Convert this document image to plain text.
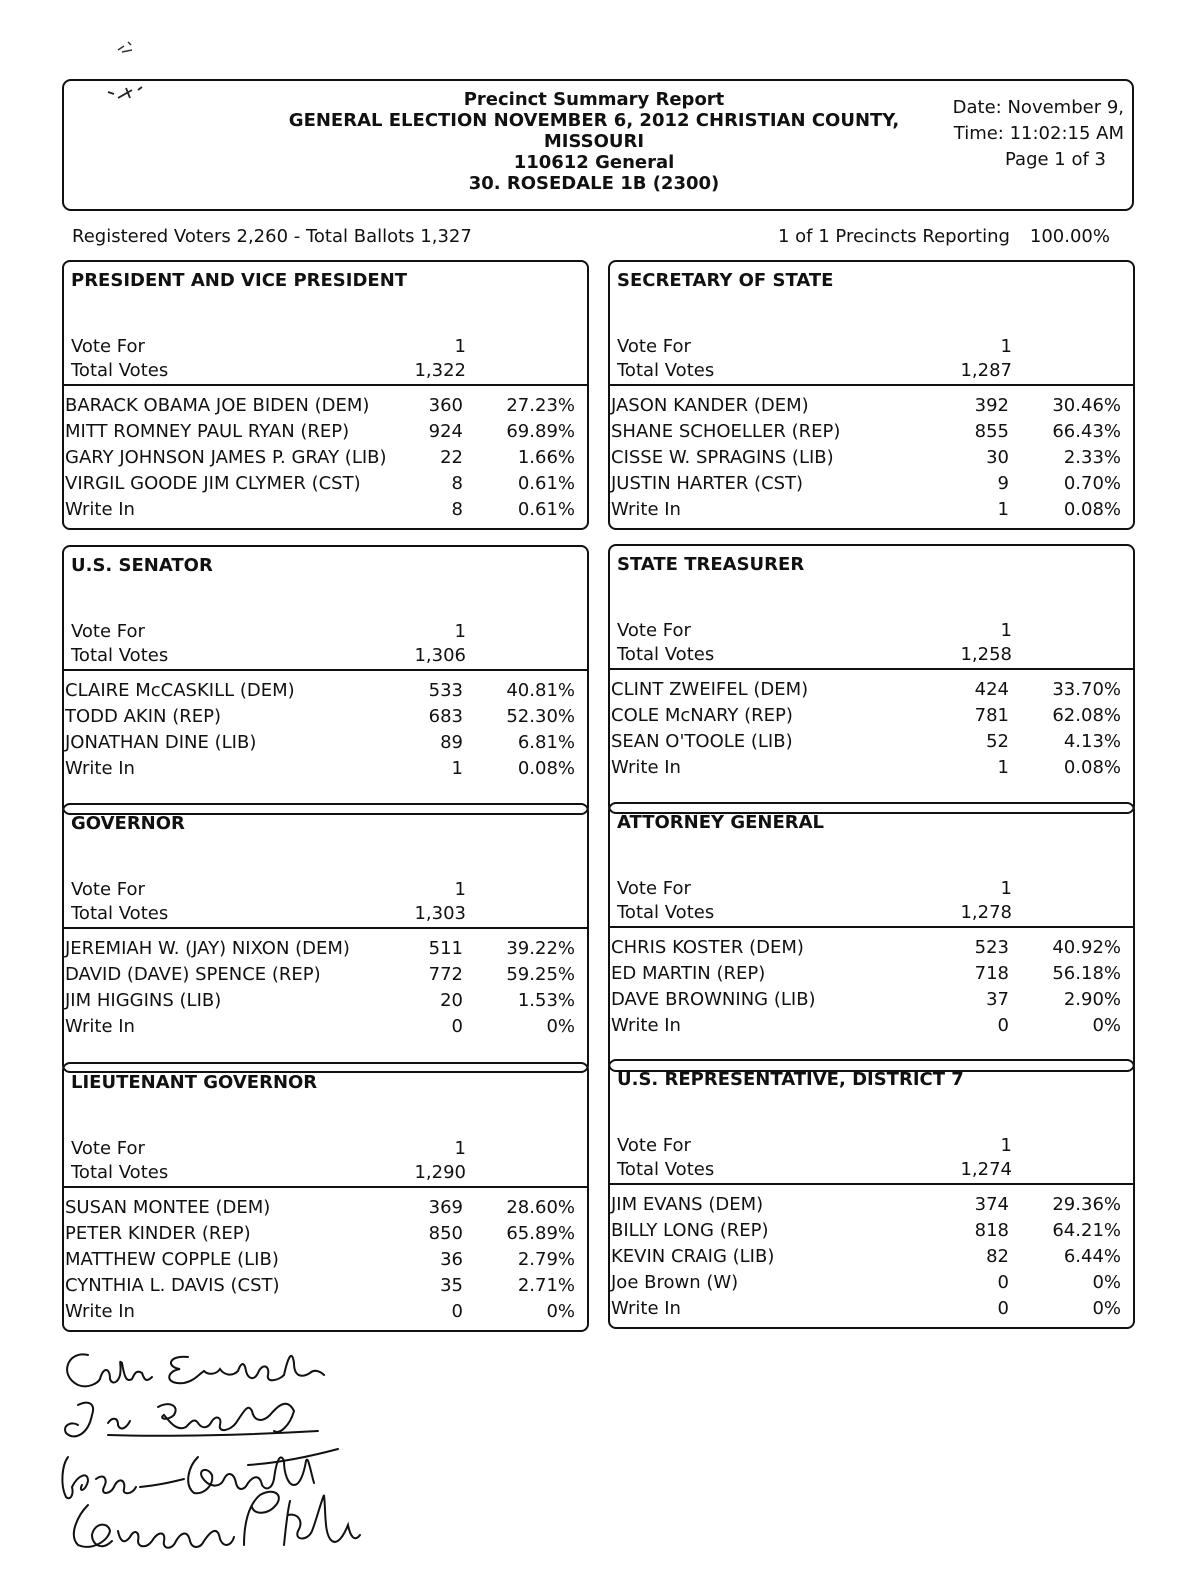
Precinct Summary Report
GENERAL ELECTION NOVEMBER 6, 2012 CHRISTIAN COUNTY,
MISSOURI
110612 General
30. ROSEDALE 1B (2300)
Date: November 9,
Time: 11:02:15 AM
Page 1 of 3
Registered Voters 2,260 - Total Ballots 1,327	1 of 1 Precincts Reporting 100.00%
PRESIDENT AND VICE PRESIDENT
Vote For	1
Total Votes	1,322
BARACK OBAMA JOE BIDEN (DEM)	360 27.23%
MITT ROMNEY PAUL RYAN (REP)	924 69.89%
GARY JOHNSON JAMES P. GRAY (LIB)	22	1.66%
VIRGIL GOODE JIM CLYMER (CST)	8	0.61%
Write In	8	0.61%
SECRETARY OF STATE
Vote For	1
Total Votes	1,287
JASON KANDER (DEM)	392 30.46%
SHANE SCHOELLER (REP)	855 66.43%
CISSE W. SPRAGINS (LIB)	30	2.33%
JUSTIN HARTER (CST)	9	0.70%
Write In	1	0.08%
U.S. SENATOR
Vote For	1
Total Votes	1,306
CLAIRE McCASKILL (DEM)	533 40.81%
TODD AKIN (REP)	683 52.30%
JONATHAN DINE (LIB)	89	6.81%
Write In	1	0.08%
STATE TREASURER
Vote For	1
Total Votes	1,258
CLINT ZWEIFEL (DEM)	424 33.70%
COLE McNARY (REP)	781 62.08%
SEAN O'TOOLE (LIB)	52	4.13%
Write In	1	0.08%
GOVERNOR
Vote For	1
Total Votes	1,303
JEREMIAH W. (JAY) NIXON (DEM)	511 39.22%
DAVID (DAVE) SPENCE (REP)	772 59.25%
JIM HIGGINS (LIB)	20	1.53%
Write In	0	0%
ATTORNEY GENERAL
Vote For	1
Total Votes	1,278
CHRIS KOSTER (DEM)	523 40.92%
ED MARTIN (REP)	718 56.18%
DAVE BROWNING (LIB)	37	2.90%
Write In	0	0%
LIEUTENANT GOVERNOR
Vote For	1
Total Votes	1,290
SUSAN MONTEE (DEM)	369 28.60%
PETER KINDER (REP)	850 65.89%
MATTHEW COPPLE (LIB)	36	2.79%
CYNTHIA L. DAVIS (CST)	35	2.71%
Write In	0	0%
U.S. REPRESENTATIVE, DISTRICT 7
Vote For	1
Total Votes	1,274
JIM EVANS (DEM)	374 29.36%
BILLY LONG (REP)	818 64.21%
KEVIN CRAIG (LIB)	82	6.44%
Joe Brown (W)	0	0%
Write In	0	0%
